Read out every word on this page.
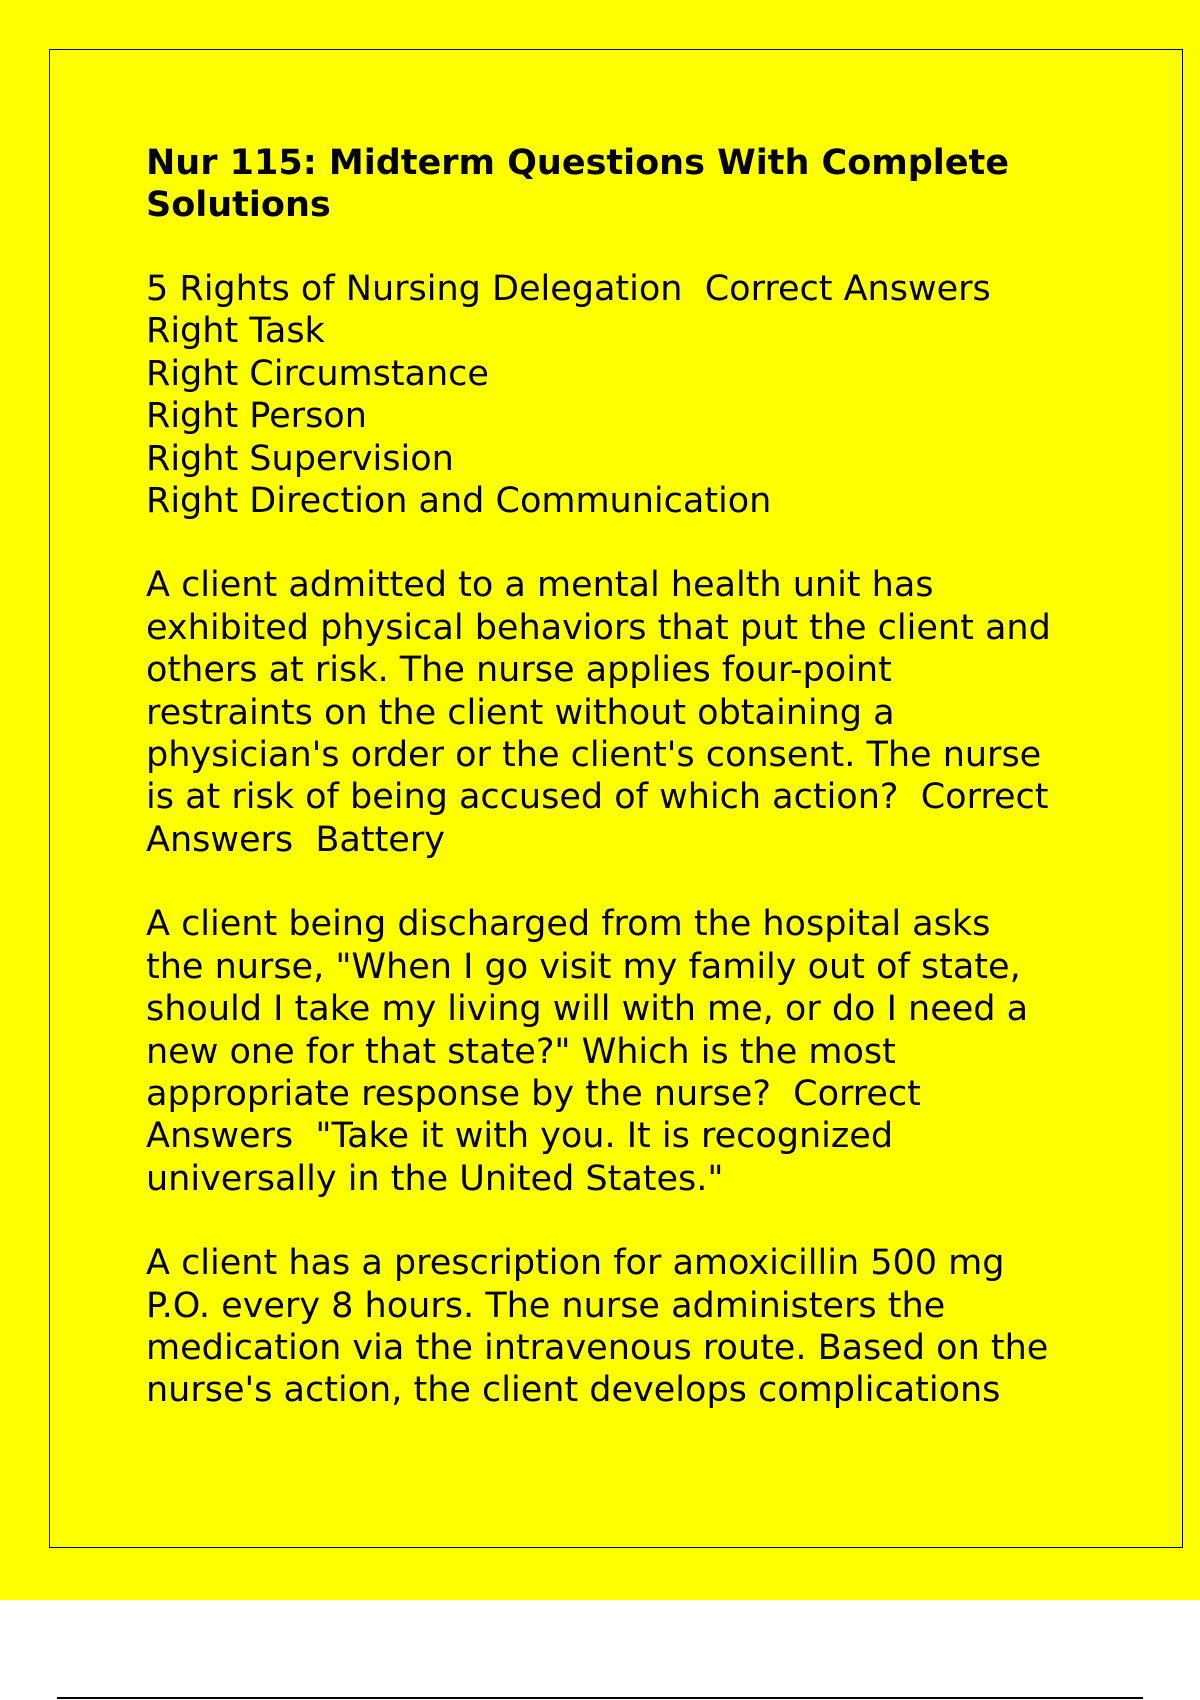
Nur 115: Midterm Questions With Complete
Solutions
5 Rights of Nursing Delegation  Correct Answers
Right Task
Right Circumstance
Right Person
Right Supervision
Right Direction and Communication
A client admitted to a mental health unit has
exhibited physical behaviors that put the client and
others at risk. The nurse applies four-point
restraints on the client without obtaining a
physician's order or the client's consent. The nurse
is at risk of being accused of which action?  Correct
Answers  Battery
A client being discharged from the hospital asks
the nurse, "When I go visit my family out of state,
should I take my living will with me, or do I need a
new one for that state?" Which is the most
appropriate response by the nurse?  Correct
Answers  "Take it with you. It is recognized
universally in the United States."
A client has a prescription for amoxicillin 500 mg
P.O. every 8 hours. The nurse administers the
medication via the intravenous route. Based on the
nurse's action, the client develops complications
